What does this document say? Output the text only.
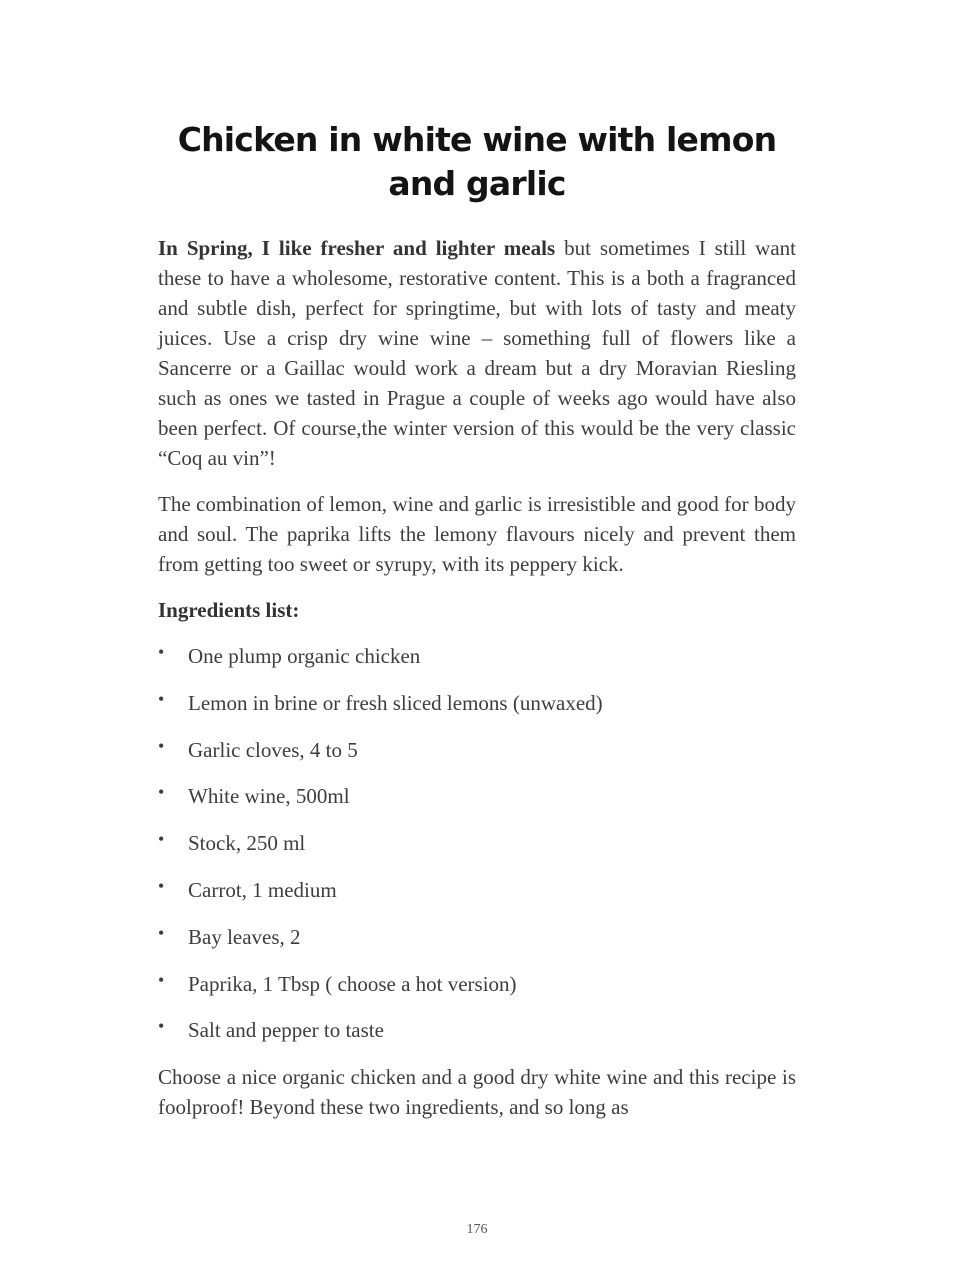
Chicken in white wine with lemon and garlic

In Spring, I like fresher and lighter meals but sometimes I still want these to have a wholesome, restorative content. This is a both a fragranced and subtle dish, perfect for springtime, but with lots of tasty and meaty juices. Use a crisp dry wine wine – something full of flowers like a Sancerre or a Gaillac would work a dream but a dry Moravian Riesling such as ones we tasted in Prague a couple of weeks ago would have also been perfect. Of course,the winter version of this would be the very classic “Coq au vin”!

The combination of lemon, wine and garlic is irresistible and good for body and soul. The paprika lifts the lemony flavours nicely and prevent them from getting too sweet or syrupy, with its peppery kick.

Ingredients list:
• One plump organic chicken
• Lemon in brine or fresh sliced lemons (unwaxed)
• Garlic cloves, 4 to 5
• White wine, 500ml
• Stock, 250 ml
• Carrot, 1 medium
• Bay leaves, 2
• Paprika, 1 Tbsp ( choose a hot version)
• Salt and pepper to taste

Choose a nice organic chicken and a good dry white wine and this recipe is foolproof! Beyond these two ingredients, and so long as

176
